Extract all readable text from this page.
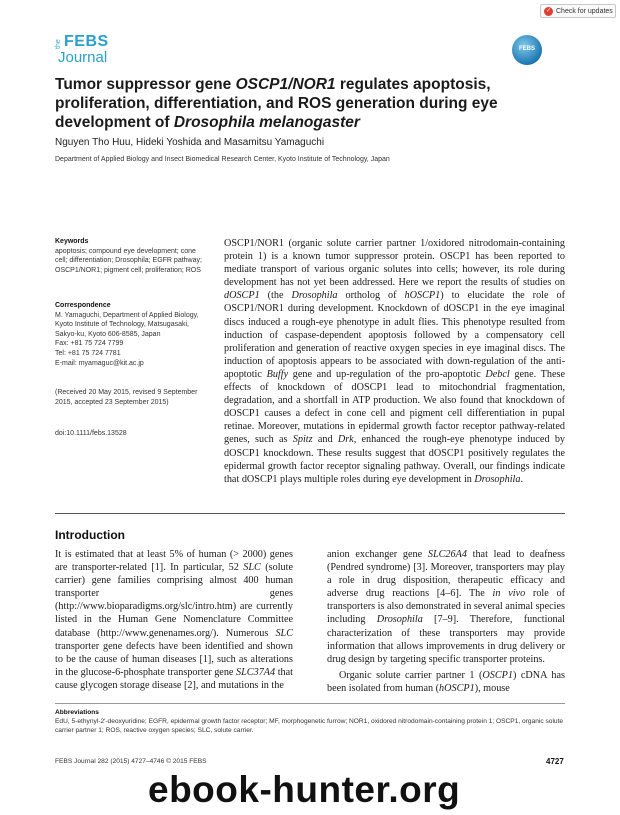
✓ Check for updates
the FEBS
Journal	FEBS
Tumor suppressor gene OSCP1/NOR1 regulates apoptosis, proliferation, differentiation, and ROS generation during eye development of Drosophila melanogaster
Nguyen Tho Huu, Hideki Yoshida and Masamitsu Yamaguchi
Department of Applied Biology and Insect Biomedical Research Center, Kyoto Institute of Technology, Japan
Keywords
apoptosis; compound eye development; cone cell; differentiation; Drosophila; EGFR pathway; OSCP1/NOR1; pigment cell; proliferation; ROS
Correspondence
M. Yamaguchi, Department of Applied Biology, Kyoto Institute of Technology, Matsugasaki, Sakyo-ku, Kyoto 606-8585, Japan
Fax: +81 75 724 7799
Tel: +81 75 724 7781
E-mail: myamaguc@kit.ac.jp
(Received 20 May 2015, revised 9 September 2015, accepted 23 September 2015)
doi:10.1111/febs.13528
OSCP1/NOR1 (organic solute carrier partner 1/oxidored nitrodomain-containing protein 1) is a known tumor suppressor protein. OSCP1 has been reported to mediate transport of various organic solutes into cells; however, its role during development has not yet been addressed. Here we report the results of studies on dOSCP1 (the Drosophila ortholog of hOSCP1) to elucidate the role of OSCP1/NOR1 during development. Knockdown of dOSCP1 in the eye imaginal discs induced a rough-eye phenotype in adult flies. This phenotype resulted from induction of caspase-dependent apoptosis followed by a compensatory cell proliferation and generation of reactive oxygen species in eye imaginal discs. The induction of apoptosis appears to be associated with down-regulation of the anti-apoptotic Buffy gene and up-regulation of the pro-apoptotic Debcl gene. These effects of knockdown of dOSCP1 lead to mitochondrial fragmentation, degradation, and a shortfall in ATP production. We also found that knockdown of dOSCP1 causes a defect in cone cell and pigment cell differentiation in pupal retinae. Moreover, mutations in epidermal growth factor receptor pathway-related genes, such as Spitz and Drk, enhanced the rough-eye phenotype induced by dOSCP1 knockdown. These results suggest that dOSCP1 positively regulates the epidermal growth factor receptor signaling pathway. Overall, our findings indicate that dOSCP1 plays multiple roles during eye development in Drosophila.
Introduction
It is estimated that at least 5% of human (> 2000) genes are transporter-related [1]. In particular, 52 SLC (solute carrier) gene families comprising almost 400 human transporter genes (http://www.bioparadigms.org/slc/intro.htm) are currently listed in the Human Gene Nomenclature Committee database (http://www.genenames.org/). Numerous SLC transporter gene defects have been identified and shown to be the cause of human diseases [1], such as alterations in the glucose-6-phosphate transporter gene SLC37A4 that cause glycogen storage disease [2], and mutations in the

anion exchanger gene SLC26A4 that lead to deafness (Pendred syndrome) [3]. Moreover, transporters may play a role in drug disposition, therapeutic efficacy and adverse drug reactions [4–6]. The in vivo role of transporters is also demonstrated in several animal species including Drosophila [7–9]. Therefore, functional characterization of these transporters may provide information that allows improvements in drug delivery or drug design by targeting specific transporter proteins.

Organic solute carrier partner 1 (OSCP1) cDNA has been isolated from human (hOSCP1), mouse

Abbreviations
EdU, 5-ethynyl-2′-deoxyuridine; EGFR, epidermal growth factor receptor; MF, morphogenetic furrow; NOR1, oxidored nitrodomain-containing protein 1; OSCP1, organic solute carrier partner 1; ROS, reactive oxygen species; SLC, solute carrier.
FEBS Journal 282 (2015) 4727–4746 © 2015 FEBS	4727
ebook-hunter.org
